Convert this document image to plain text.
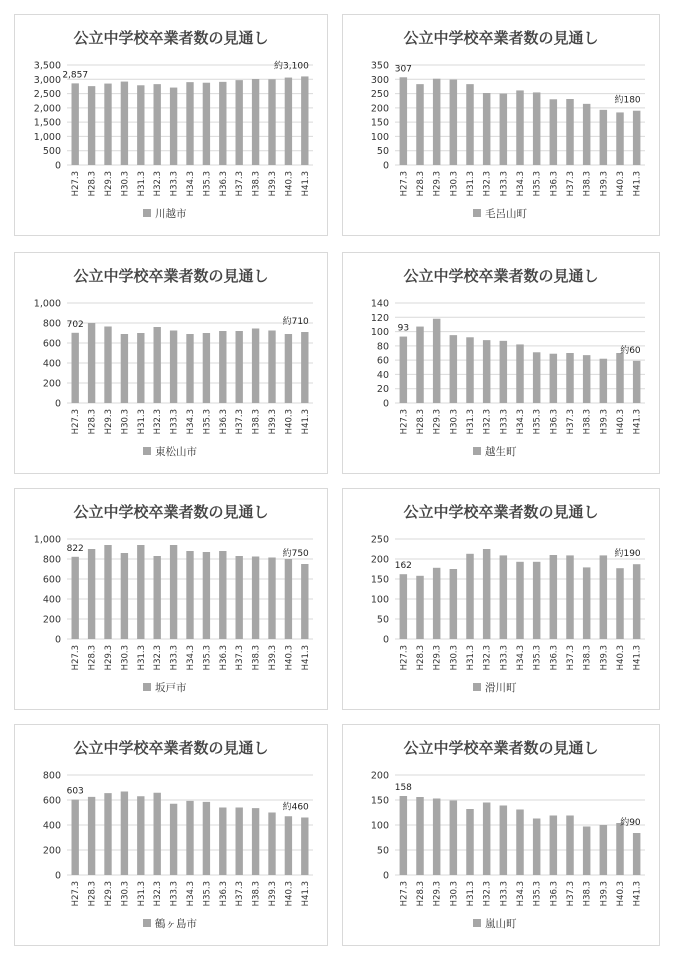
公立中学校卒業者数の見通し
0
500
1,000
1,500
2,000
2,500
3,000
3,500
H27.3 H28.3 H29.3 H30.3 H31.3 H32.3 H33.3 H34.3 H35.3 H36.3 H37.3 H38.3 H39.3 H40.3 H41.3
2,857
約3,100
川越市
公立中学校卒業者数の見通し
0
50
100
150
200
250
300
350
H27.3 H28.3 H29.3 H30.3 H31.3 H32.3 H33.3 H34.3 H35.3 H36.3 H37.3 H38.3 H39.3 H40.3 H41.3
307
約180
毛呂山町
公立中学校卒業者数の見通し
0
200
400
600
800
1,000
H27.3 H28.3 H29.3 H30.3 H31.3 H32.3 H33.3 H34.3 H35.3 H36.3 H37.3 H38.3 H39.3 H40.3 H41.3
702	約710
東松山市
公立中学校卒業者数の見通し
0
20
40
60
80
100
120
140
H27.3 H28.3 H29.3 H30.3 H31.3 H32.3 H33.3 H34.3 H35.3 H36.3 H37.3 H38.3 H39.3 H40.3 H41.3
93
約60
越生町
公立中学校卒業者数の見通し
0
200
400
600
800
1,000
H27.3 H28.3 H29.3 H30.3 H31.3 H32.3 H33.3 H34.3 H35.3 H36.3 H37.3 H38.3 H39.3 H40.3 H41.3
822
約750
坂戸市
公立中学校卒業者数の見通し
0
50
100
150
200
250
H27.3 H28.3 H29.3 H30.3 H31.3 H32.3 H33.3 H34.3 H35.3 H36.3 H37.3 H38.3 H39.3 H40.3 H41.3
162
約190
滑川町
公立中学校卒業者数の見通し
0
200
400
600
800
H27.3 H28.3 H29.3 H30.3 H31.3 H32.3 H33.3 H34.3 H35.3 H36.3 H37.3 H38.3 H39.3 H40.3 H41.3
603
約460
鶴ヶ島市
公立中学校卒業者数の見通し
0
50
100
150
200
H27.3 H28.3 H29.3 H30.3 H31.3 H32.3 H33.3 H34.3 H35.3 H36.3 H37.3 H38.3 H39.3 H40.3 H41.3
158
約90
嵐山町
